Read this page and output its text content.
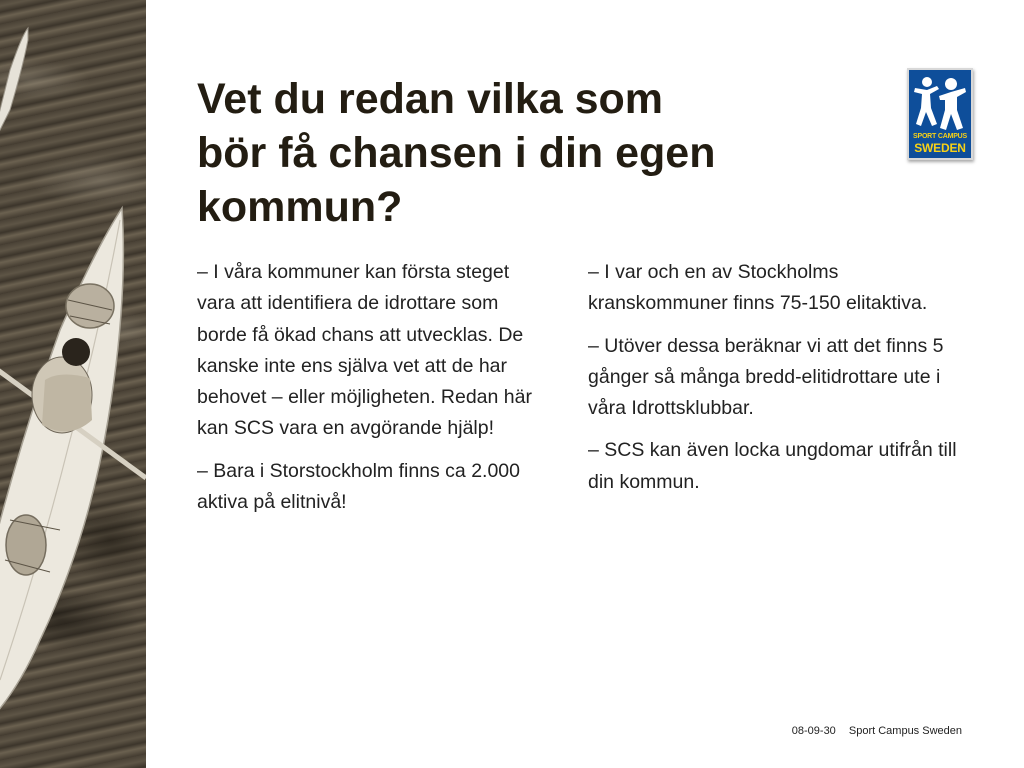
Vet du redan vilka som
bör få chansen i din egen
kommun?
SPORT CAMPUS
SWEDEN

– I våra kommuner kan första steget vara att identifiera de idrottare som borde få ökad chans att utvecklas. De kanske inte ens själva vet att de har behovet – eller möjligheten. Redan här kan SCS vara en avgörande hjälp!

– Bara i Storstockholm finns ca 2.000 aktiva på elitnivå!

– I var och en av Stockholms kranskommuner finns 75-150 elitaktiva.

– Utöver dessa beräknar vi att det finns 5 gånger så många bredd-elitidrottare ute i våra Idrottsklubbar.

– SCS kan även locka ungdomar utifrån till din kommun.

08-09-30 Sport Campus Sweden
